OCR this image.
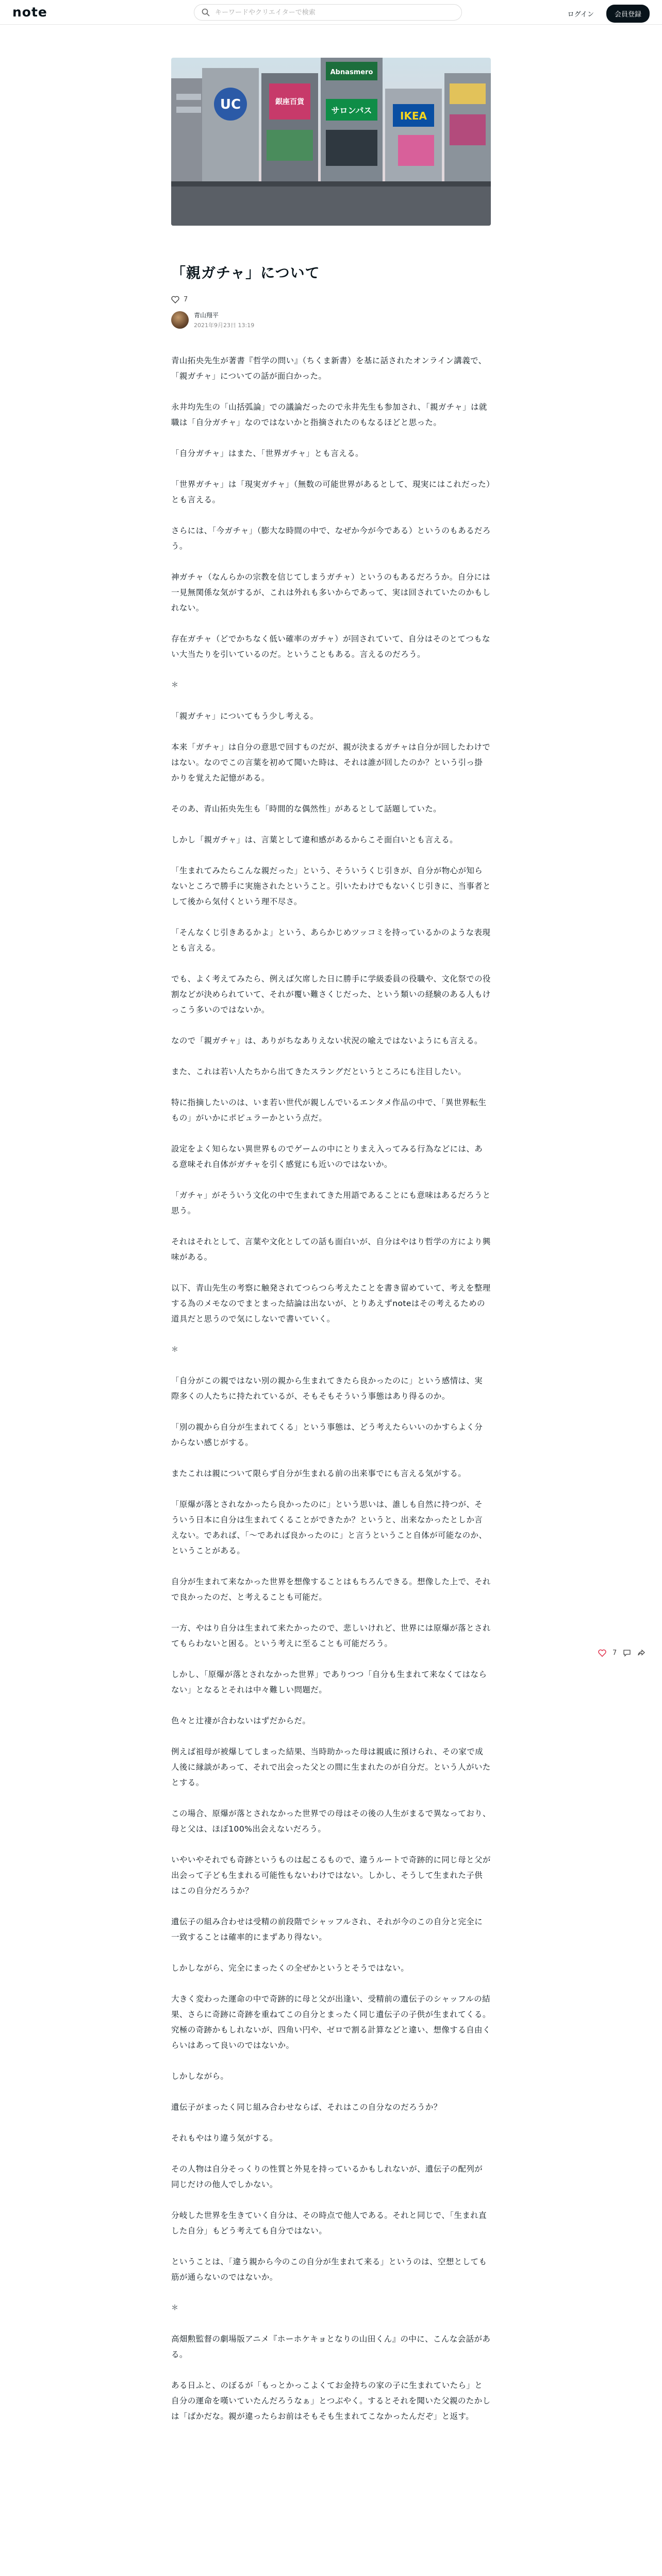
note
キーワードやクリエイターで検索	ログイン	会員登録
UC	銀座百貨
Abnasmero
サロンパス	IKEA
「親ガチャ」について
7
青山翔平
2021年9月23日 13:19

青山拓央先生が著書『哲学の問い』（ちくま新書）を基に話されたオンライン講義で、「親ガチャ」についての話が面白かった。

永井均先生の「山括弧論」での議論だったので永井先生も参加され、「親ガチャ」は就職は「自分ガチャ」なのではないかと指摘されたのもなるほどと思った。

「自分ガチャ」はまた、「世界ガチャ」とも言える。

「世界ガチャ」は「現実ガチャ」（無数の可能世界があるとして、現実にはこれだった）とも言える。

さらには、「今ガチャ」（膨大な時間の中で、なぜか今が今である）というのもあるだろう。

神ガチャ（なんらかの宗教を信じてしまうガチャ）というのもあるだろうか。自分には一見無関係な気がするが、これは外れも多いからであって、実は回されていたのかもしれない。

存在ガチャ（どでかちなく低い確率のガチャ）が回されていて、自分はそのとてつもない大当たりを引いているのだ。ということもある。言えるのだろう。

＊

「親ガチャ」についてもう少し考える。

本来「ガチャ」は自分の意思で回すものだが、親が決まるガチャは自分が回したわけではない。なのでこの言葉を初めて聞いた時は、それは誰が回したのか？という引っ掛かりを覚えた記憶がある。

そのあ、青山拓央先生も「時間的な偶然性」があるとして話題していた。

しかし「親ガチャ」は、言葉として違和感があるからこそ面白いとも言える。

「生まれてみたらこんな親だった」という、そういうくじ引きが、自分が物心が知らないところで勝手に実施されたということ。引いたわけでもないくじ引きに、当事者として後から気付くという理不尽さ。

「そんなくじ引きあるかよ」という、あらかじめツッコミを持っているかのような表現とも言える。

でも、よく考えてみたら、例えば欠席した日に勝手に学級委員の役職や、文化祭での役割などが決められていて、それが覆い難さくじだった、という類いの経験のある人もけっこう多いのではないか。

なので「親ガチャ」は、ありがちなありえない状況の喩えではないようにも言える。

また、これは若い人たちから出てきたスラングだというところにも注目したい。

特に指摘したいのは、いま若い世代が親しんでいるエンタメ作品の中で、「異世界転生もの」がいかにポピュラーかという点だ。

設定をよく知らない異世界ものでゲームの中にとりまえ入ってみる行為などには、ある意味それ自体がガチャを引く感覚にも近いのではないか。

「ガチャ」がそういう文化の中で生まれてきた用語であることにも意味はあるだろうと思う。

それはそれとして、言葉や文化としての話も面白いが、自分はやはり哲学の方により興味がある。

以下、青山先生の考察に触発されてつらつら考えたことを書き留めていて、考えを整理する為のメモなのでまとまった結論は出ないが、とりあえずnoteはその考えるための道具だと思うので気にしないで書いていく。

＊

「自分がこの親ではない別の親から生まれてきたら良かったのに」という感情は、実際多くの人たちに持たれているが、そもそもそういう事態はあり得るのか。

「別の親から自分が生まれてくる」という事態は、どう考えたらいいのかすらよく分からない感じがする。

またこれは親について限らず自分が生まれる前の出来事でにも言える気がする。

「原爆が落とされなかったら良かったのに」という思いは、誰しも自然に持つが、そういう日本に自分は生まれてくることができたか？というと、出来なかったとしか言えない。であれば、「～であれば良かったのに」と言うということ自体が可能なのか、ということがある。

自分が生まれて来なかった世界を想像することはもちろんできる。想像した上で、それで良かったのだ、と考えることも可能だ。

一方、やはり自分は生まれて来たかったので、悲しいけれど、世界には原爆が落とされてもらわないと困る。という考えに至ることも可能だろう。

しかし、「原爆が落とされなかった世界」でありつつ「自分も生まれて来なくてはならない」となるとそれは中々難しい問題だ。

色々と辻褄が合わないはずだからだ。

例えば祖母が被爆してしまった結果、当時助かった母は親戚に預けられ、その家で成人後に縁談があって、それで出会った父との間に生まれたのが自分だ。という人がいたとする。

この場合、原爆が落とされなかった世界での母はその後の人生がまるで異なっており、母と父は、ほぼ100%出会えないだろう。

いやいやそれでも奇跡というものは起こるもので、違うルートで奇跡的に同じ母と父が出会って子ども生まれる可能性もないわけではない。しかし、そうして生まれた子供はこの自分だろうか？

遺伝子の組み合わせは受精の前段階でシャッフルされ、それが今のこの自分と完全に一致することは確率的にまずあり得ない。

しかしながら、完全にまったくの全ぜかというとそうではない。

大きく変わった運命の中で奇跡的に母と父が出逢い、受精前の遺伝子のシャッフルの結果、さらに奇跡に奇跡を重ねてこの自分とまったく同じ遺伝子の子供が生まれてくる。究極の奇跡かもしれないが、四角い円や、ゼロで割る計算などと違い、想像する自由くらいはあって良いのではないか。

しかしながら。

遺伝子がまったく同じ組み合わせならば、それはこの自分なのだろうか？

それもやはり違う気がする。

その人物は自分そっくりの性質と外見を持っているかもしれないが、遺伝子の配列が同じだけの他人でしかない。

分岐した世界を生きていく自分は、その時点で他人である。それと同じで、「生まれ直した自分」もどう考えても自分ではない。

ということは、「違う親から今のこの自分が生まれて来る」というのは、空想としても筋が通らないのではないか。

＊

高畑勲監督の劇場版アニメ『ホーホケキョとなりの山田くん』の中に、こんな会話がある。

ある日ふと、のぼるが「もっとかっこよくてお金持ちの家の子に生まれていたら」と自分の運命を嘆いていたんだろうなぁ」とつぶやく。するとそれを聞いた父親のたかしは「ばかだな。親が違ったらお前はそもそも生まれてこなかったんだぞ」と返す。

7
